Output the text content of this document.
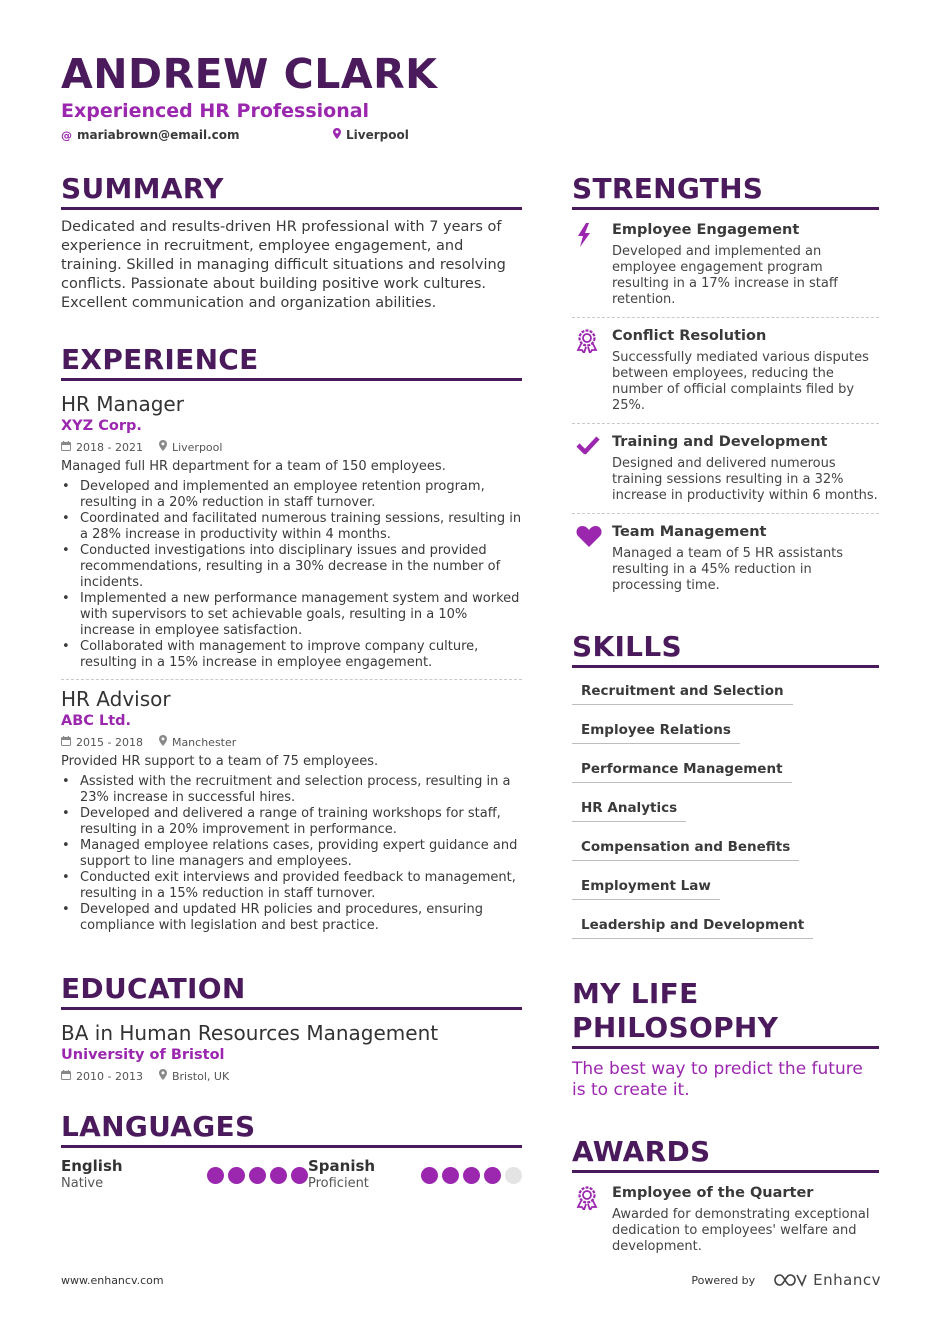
ANDREW CLARK
Experienced HR Professional
@ mariabrown@email.com	Liverpool
SUMMARY
Dedicated and results-driven HR professional with 7 years of experience in recruitment, employee engagement, and training. Skilled in managing difficult situations and resolving conflicts. Passionate about building positive work cultures. Excellent communication and organization abilities.
EXPERIENCE
HR Manager
XYZ Corp.
2018 - 2021	Liverpool
Managed full HR department for a team of 150 employees.
• Developed and implemented an employee retention program, resulting in a 20% reduction in staff turnover.
• Coordinated and facilitated numerous training sessions, resulting in a 28% increase in productivity within 4 months.
• Conducted investigations into disciplinary issues and provided recommendations, resulting in a 30% decrease in the number of incidents.
• Implemented a new performance management system and worked with supervisors to set achievable goals, resulting in a 10% increase in employee satisfaction.
• Collaborated with management to improve company culture, resulting in a 15% increase in employee engagement.
HR Advisor
ABC Ltd.
2015 - 2018	Manchester
Provided HR support to a team of 75 employees.
• Assisted with the recruitment and selection process, resulting in a 23% increase in successful hires.
• Developed and delivered a range of training workshops for staff, resulting in a 20% improvement in performance.
• Managed employee relations cases, providing expert guidance and support to line managers and employees.
• Conducted exit interviews and provided feedback to management, resulting in a 15% reduction in staff turnover.
• Developed and updated HR policies and procedures, ensuring compliance with legislation and best practice.
EDUCATION
BA in Human Resources Management
University of Bristol
2010 - 2013	Bristol, UK
LANGUAGES
English
Native
Spanish
Proficient
STRENGTHS
Employee Engagement
Developed and implemented an employee engagement program resulting in a 17% increase in staff retention.
Conflict Resolution
Successfully mediated various disputes between employees, reducing the number of official complaints filed by 25%.
Training and Development
Designed and delivered numerous training sessions resulting in a 32% increase in productivity within 6 months.
Team Management
Managed a team of 5 HR assistants resulting in a 45% reduction in processing time.
SKILLS
Recruitment and Selection
Employee Relations
Performance Management
HR Analytics
Compensation and Benefits
Employment Law
Leadership and Development
MY LIFE PHILOSOPHY
The best way to predict the future is to create it.
AWARDS
Employee of the Quarter
Awarded for demonstrating exceptional dedication to employees' welfare and development.
www.enhancv.com	Powered by	Enhancv
